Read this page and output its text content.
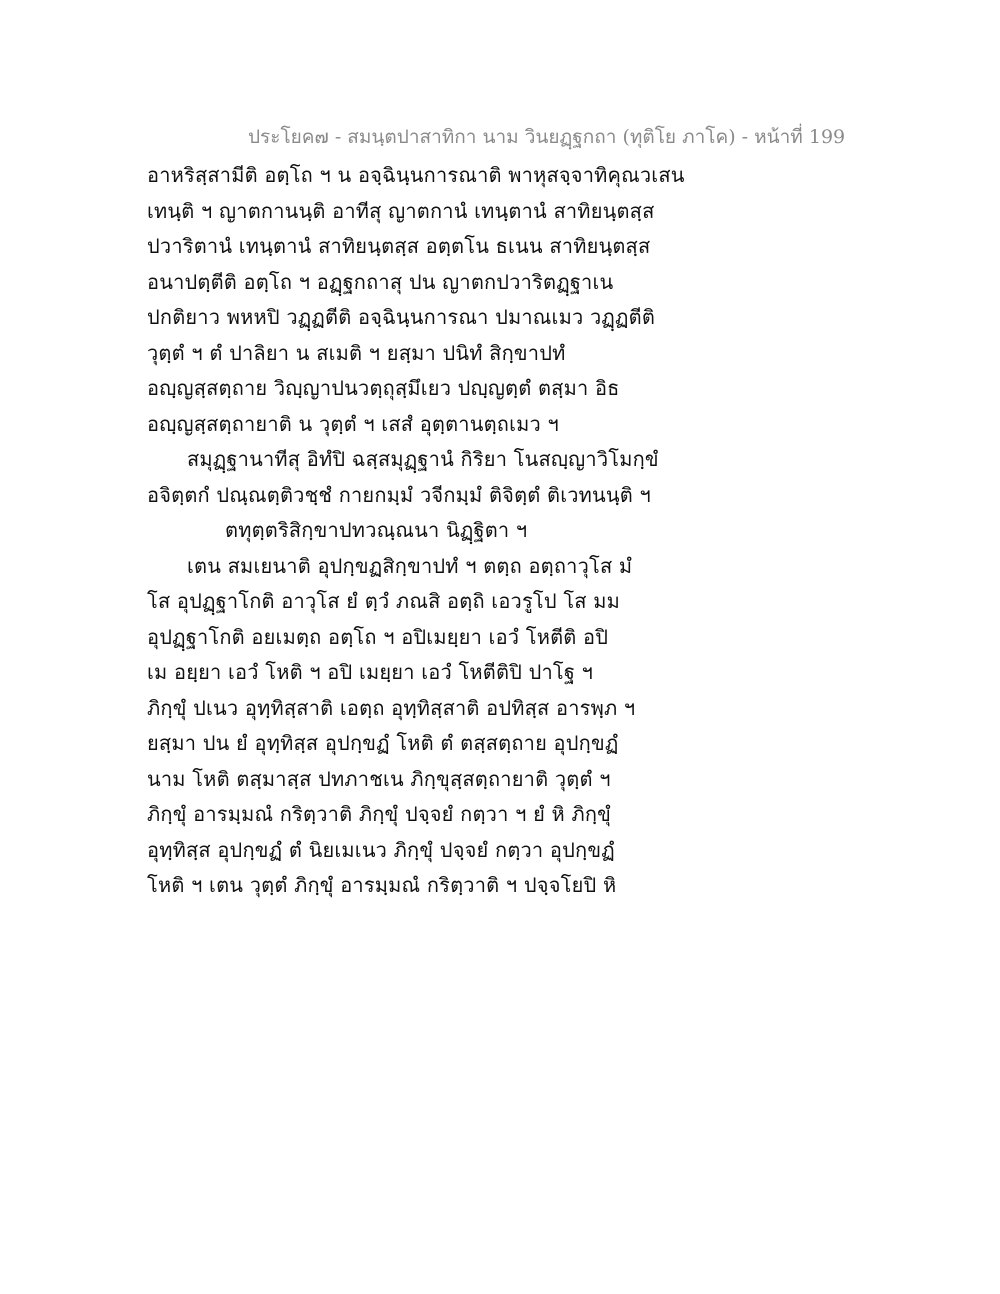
ประโยค๗ - สมนฺตปาสาทิกา นาม วินยฏฺฐกถา (ทุติโย ภาโค) - หน้าที่ 199
อาหริสฺสามีติ อตฺโถ ฯ น อจฺฉินฺนการณาติ พาหุสจฺจาทิคุณวเสน
เทนฺติ ฯ ญาตกานนฺติ อาทีสุ ญาตกานํ เทนฺตานํ สาทิยนฺตสฺส
ปวาริตานํ เทนฺตานํ สาทิยนฺตสฺส อตฺตโน ธเนน สาทิยนฺตสฺส
อนาปตฺตีติ อตฺโถ ฯ อฏฺฐกถาสุ ปน ญาตกปวาริตฏฺฐาเน
ปกติยาว พหหปิ วฏฺฏตีติ อจฺฉินฺนการณา ปมาณเมว วฏฺฏตีติ
วุตฺตํ ฯ ตํ ปาลิยา น สเมติ ฯ ยสฺมา ปนิทํ สิกฺขาปทํ
อญฺญสฺสตฺถาย วิญฺญาปนวตฺถุสฺมึเยว ปญฺญตฺตํ ตสฺมา อิธ
อญฺญสฺสตฺถายาติ น วุตฺตํ ฯ เสสํ อุตฺตานตฺถเมว ฯ
สมุฏฺฐานาทีสุ อิทํปิ ฉสฺสมุฏฺฐานํ กิริยา โนสญฺญาวิโมกฺขํ
อจิตฺตกํ ปณฺณตฺติวชฺชํ กายกมฺมํ วจีกมฺมํ ติจิตฺตํ ติเวทนนฺติ ฯ
ตทุตฺตริสิกฺขาปทวณฺณนา นิฏฺฐิตา ฯ
เตน สมเยนาติ อุปกฺขฏสิกฺขาปทํ ฯ ตตฺถ อตฺถาวุโส มํ
โส อุปฏฺฐาโกติ อาวุโส ยํ ตฺวํ ภณสิ อตฺถิ เอวรูโป โส มม
อุปฏฺฐาโกติ อยเมตฺถ อตฺโถ ฯ อปิเมยฺยา เอวํ โหตีติ อปิ
เม อยฺยา เอวํ โหติ ฯ อปิ เมยฺยา เอวํ โหตีติปิ ปาโฐ ฯ
ภิกฺขุํ ปเนว อุทฺทิสฺสาติ เอตฺถ อุทฺทิสฺสาติ อปทิสฺส อารพฺภ ฯ
ยสฺมา ปน ยํ อุทฺทิสฺส อุปกฺขฏํ โหติ ตํ ตสฺสตฺถาย อุปกฺขฏํ
นาม โหติ ตสฺมาสฺส ปทภาชเน ภิกฺขุสฺสตฺถายาติ วุตฺตํ ฯ
ภิกฺขุํ อารมฺมณํ กริตฺวาติ ภิกฺขุํ ปจฺจยํ กตฺวา ฯ ยํ หิ ภิกฺขุํ
อุทฺทิสฺส อุปกฺขฏํ ตํ นิยเมเนว ภิกฺขุํ ปจฺจยํ กตฺวา อุปกฺขฏํ
โหติ ฯ เตน วุตฺตํ ภิกฺขุํ อารมฺมณํ กริตฺวาติ ฯ ปจฺจโยปิ หิ
